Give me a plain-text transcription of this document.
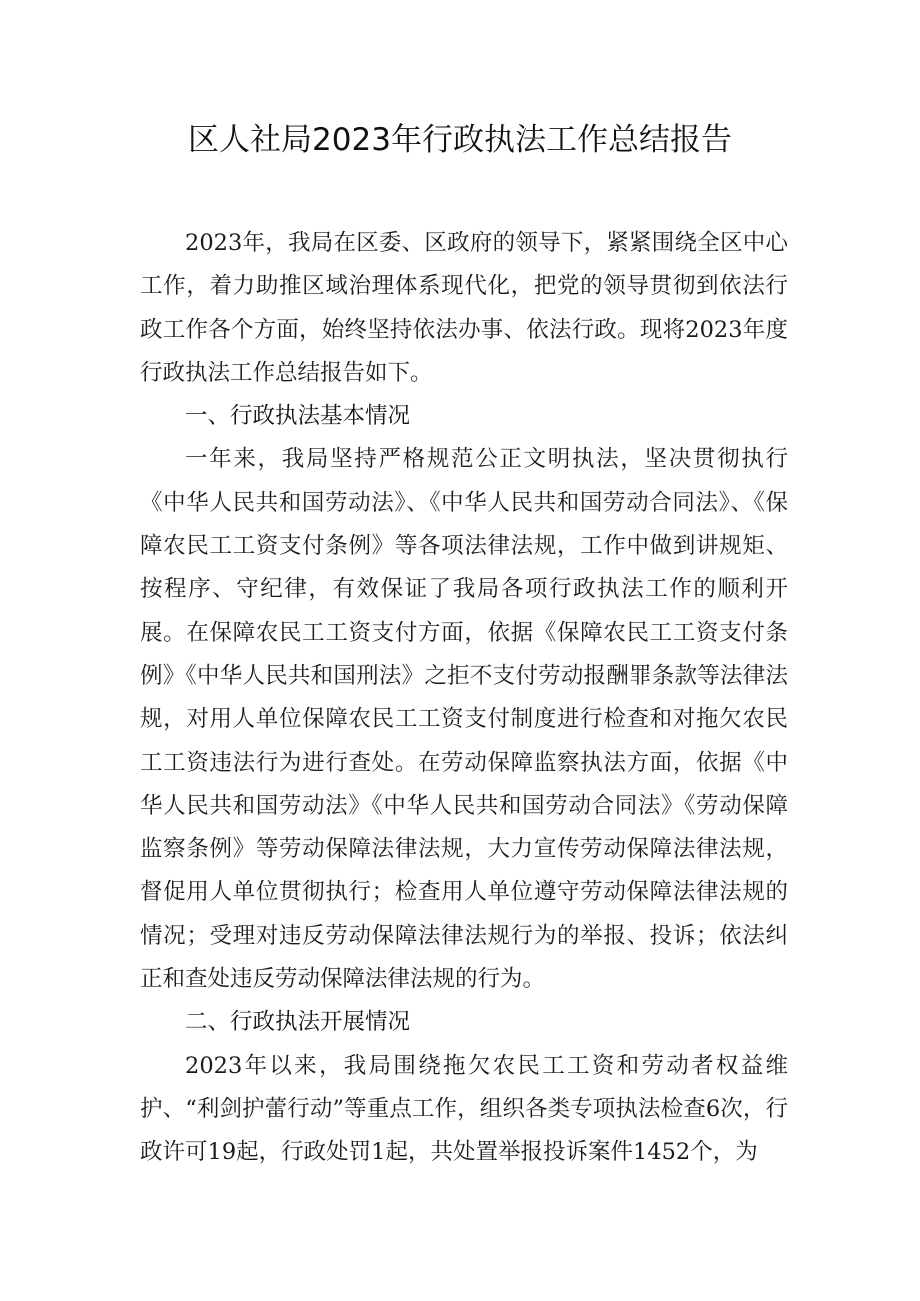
区人社局2023年行政执法工作总结报告

2023年，我局在区委、区政府的领导下，紧紧围绕全区中心工作，着力助推区域治理体系现代化，把党的领导贯彻到依法行政工作各个方面，始终坚持依法办事、依法行政。现将2023年度行政执法工作总结报告如下。

一、行政执法基本情况

一年来，我局坚持严格规范公正文明执法，坚决贯彻执行《中华人民共和国劳动法》、《中华人民共和国劳动合同法》、《保障农民工工资支付条例》等各项法律法规，工作中做到讲规矩、按程序、守纪律，有效保证了我局各项行政执法工作的顺利开展。在保障农民工工资支付方面，依据《保障农民工工资支付条例》《中华人民共和国刑法》之拒不支付劳动报酬罪条款等法律法规，对用人单位保障农民工工资支付制度进行检查和对拖欠农民工工资违法行为进行查处。在劳动保障监察执法方面，依据《中华人民共和国劳动法》《中华人民共和国劳动合同法》《劳动保障监察条例》等劳动保障法律法规，大力宣传劳动保障法律法规，督促用人单位贯彻执行；检查用人单位遵守劳动保障法律法规的情况；受理对违反劳动保障法律法规行为的举报、投诉；依法纠正和查处违反劳动保障法律法规的行为。

二、行政执法开展情况

2023年以来，我局围绕拖欠农民工工资和劳动者权益维护、“利剑护蕾行动”等重点工作，组织各类专项执法检查6次，行政许可19起，行政处罚1起，共处置举报投诉案件1452个，为
